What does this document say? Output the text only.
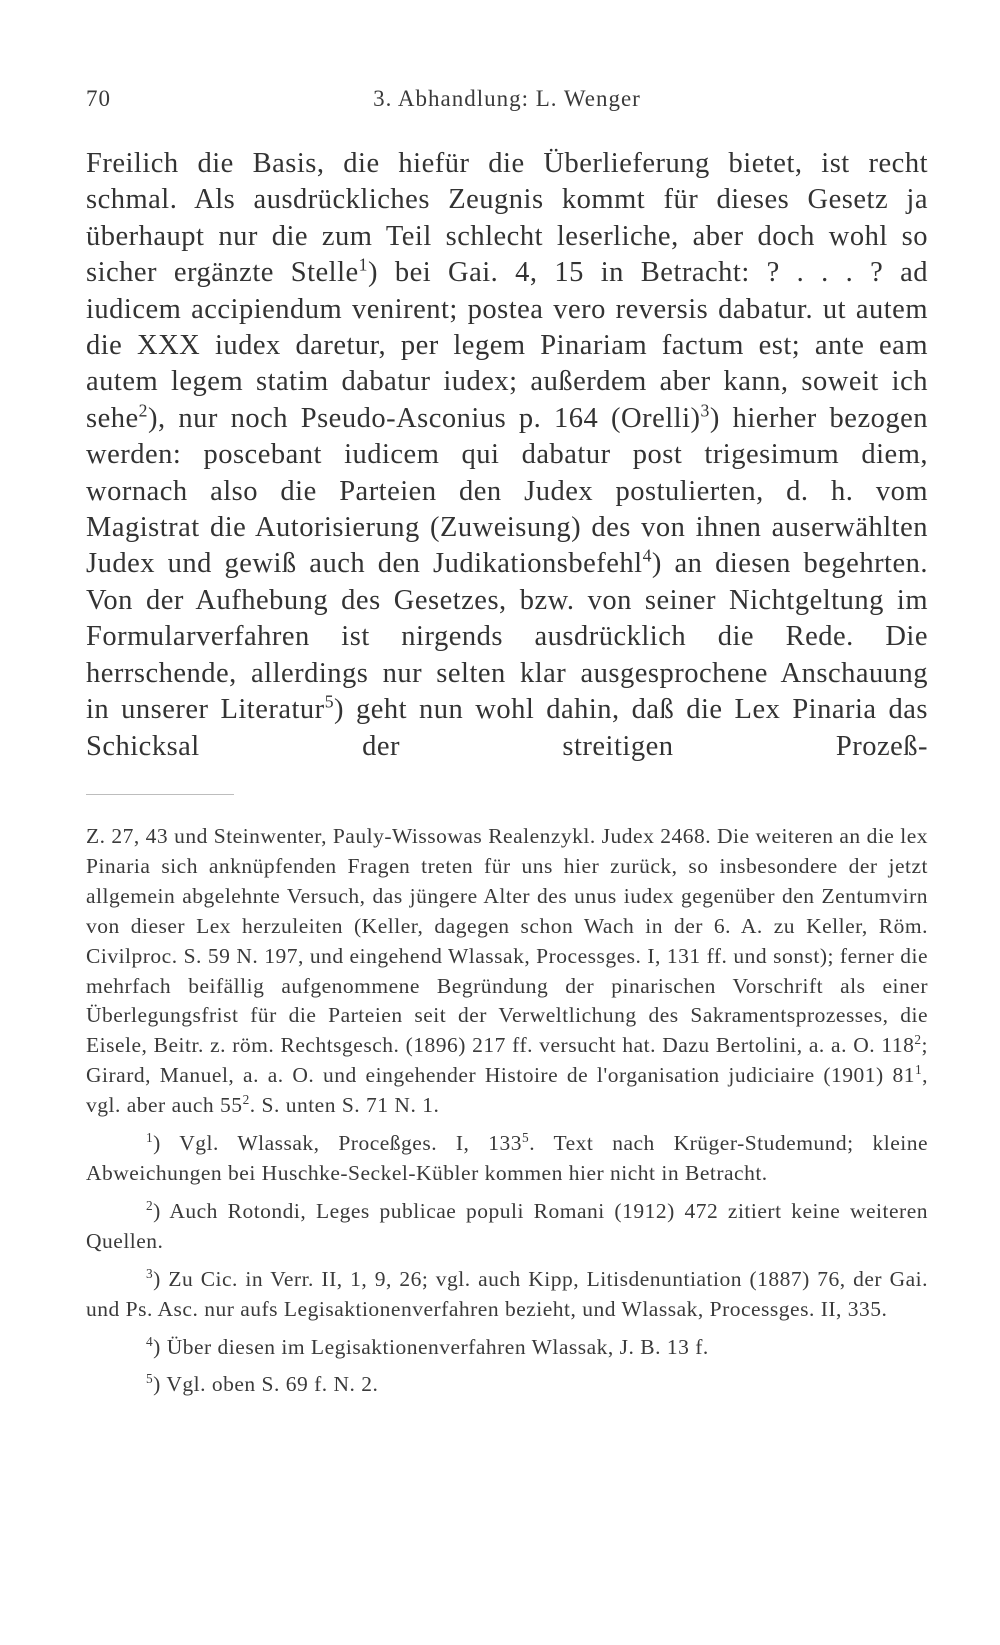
70	3. Abhandlung: L. Wenger

Freilich die Basis, die hiefür die Überlieferung bietet, ist recht schmal. Als ausdrückliches Zeugnis kommt für dieses Gesetz ja überhaupt nur die zum Teil schlecht leserliche, aber doch wohl so sicher ergänzte Stelle$^1$) bei Gai. 4, 15 in Betracht: ? . . . ? ad iudicem accipiendum venirent; postea vero reversis dabatur. ut autem die XXX iudex daretur, per legem Pinariam factum est; ante eam autem legem statim dabatur iudex; außerdem aber kann, soweit ich sehe$^2$), nur noch Pseudo-Asconius p. 164 (Orelli)$^3$) hierher bezogen werden: poscebant iudicem qui dabatur post trigesimum diem, wornach also die Parteien den Judex postulierten, d. h. vom Magistrat die Autorisierung (Zuweisung) des von ihnen auserwählten Judex und gewiß auch den Judikationsbefehl$^4$) an diesen begehrten. Von der Aufhebung des Gesetzes, bzw. von seiner Nichtgeltung im Formularverfahren ist nirgends ausdrücklich die Rede. Die herrschende, allerdings nur selten klar ausgesprochene Anschauung in unserer Literatur$^5$) geht nun wohl dahin, daß die Lex Pinaria das Schicksal der streitigen Prozeß-

Z. 27, 43 und Steinwenter, Pauly-Wissowas Realenzykl. Judex 2468. Die weiteren an die lex Pinaria sich anknüpfenden Fragen treten für uns hier zurück, so insbesondere der jetzt allgemein abgelehnte Versuch, das jüngere Alter des unus iudex gegenüber den Zentumvirn von dieser Lex herzuleiten (Keller, dagegen schon Wach in der 6. A. zu Keller, Röm. Civilproc. S. 59 N. 197, und eingehend Wlassak, Processges. I, 131 ff. und sonst); ferner die mehrfach beifällig aufgenommene Begründung der pinarischen Vorschrift als einer Überlegungsfrist für die Parteien seit der Verweltlichung des Sakramentsprozesses, die Eisele, Beitr. z. röm. Rechtsgesch. (1896) 217 ff. versucht hat. Dazu Bertolini, a. a. O. $118^2$; Girard, Manuel, a. a. O. und eingehender Histoire de l'organisation judiciaire (1901) $81^1$, vgl. aber auch $55^2$. S. unten S. 71 N. 1.

$^1$) Vgl. Wlassak, Proceßges. I, $133^5$. Text nach Krüger-Studemund; kleine Abweichungen bei Huschke-Seckel-Kübler kommen hier nicht in Betracht.

$^2$) Auch Rotondi, Leges publicae populi Romani (1912) 472 zitiert keine weiteren Quellen.

$^3$) Zu Cic. in Verr. II, 1, 9, 26; vgl. auch Kipp, Litisdenuntiation (1887) 76, der Gai. und Ps. Asc. nur aufs Legisaktionenverfahren bezieht, und Wlassak, Processges. II, 335.

$^4$) Über diesen im Legisaktionenverfahren Wlassak, J. B. 13 f.

$^5$) Vgl. oben S. 69 f. N. 2.
